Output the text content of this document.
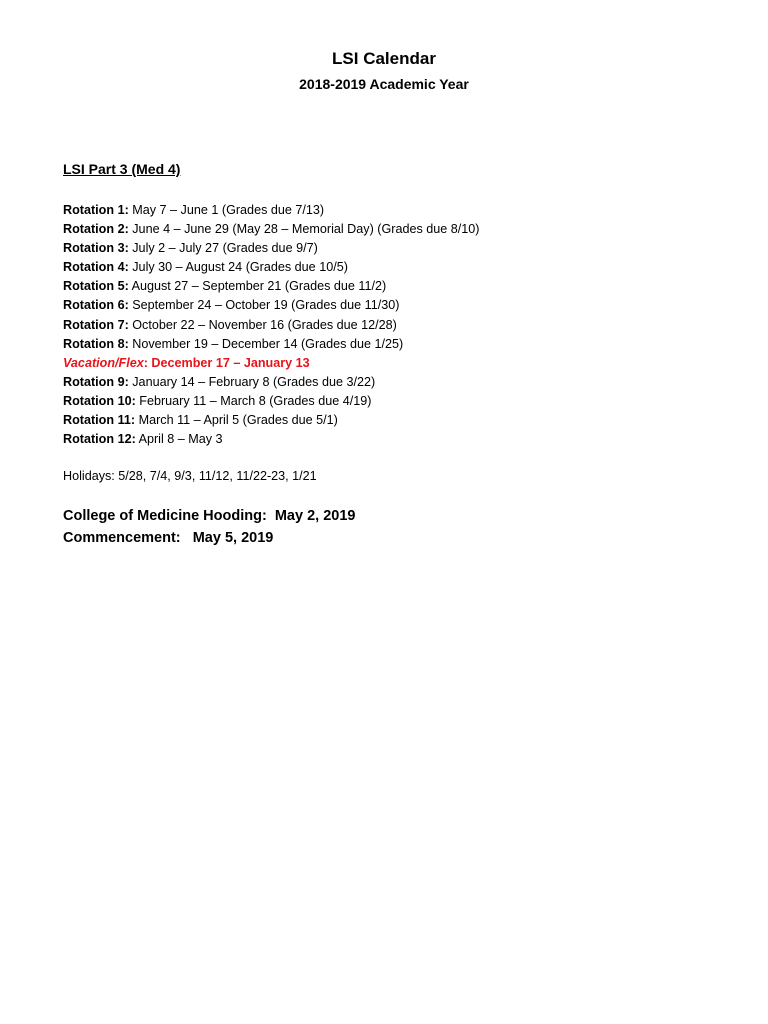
LSI Calendar
2018-2019 Academic Year
LSI Part 3 (Med 4)
Rotation 1: May 7 – June 1 (Grades due 7/13)
Rotation 2: June 4 – June 29 (May 28 – Memorial Day) (Grades due 8/10)
Rotation 3: July 2 – July 27 (Grades due 9/7)
Rotation 4: July 30 – August 24 (Grades due 10/5)
Rotation 5: August 27 – September 21 (Grades due 11/2)
Rotation 6: September 24 – October 19 (Grades due 11/30)
Rotation 7: October 22 – November 16 (Grades due 12/28)
Rotation 8: November 19 – December 14 (Grades due 1/25)
Vacation/Flex: December 17 – January 13
Rotation 9: January 14 – February 8 (Grades due 3/22)
Rotation 10: February 11 – March 8 (Grades due 4/19)
Rotation 11: March 11 – April 5 (Grades due 5/1)
Rotation 12: April 8 – May 3

Holidays: 5/28, 7/4, 9/3, 11/12, 11/22-23, 1/21

College of Medicine Hooding:  May 2, 2019

Commencement:   May 5, 2019
